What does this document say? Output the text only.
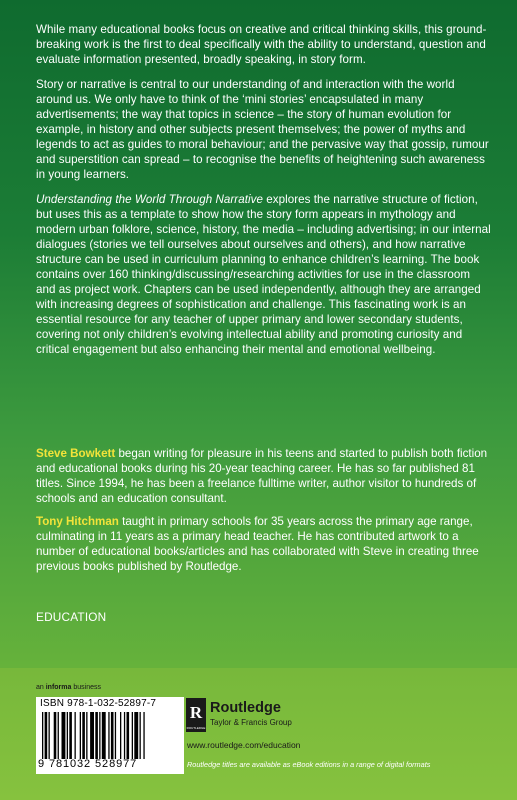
While many educational books focus on creative and critical thinking skills, this ground-breaking work is the first to deal specifically with the ability to understand, question and evaluate information presented, broadly speaking, in story form.

Story or narrative is central to our understanding of and interaction with the world around us. We only have to think of the ‘mini stories’ encapsulated in many advertisements; the way that topics in science – the story of human evolution for example, in history and other subjects present themselves; the power of myths and legends to act as guides to moral behaviour; and the pervasive way that gossip, rumour and superstition can spread – to recognise the benefits of heightening such awareness in young learners.

Understanding the World Through Narrative explores the narrative structure of fiction, but uses this as a template to show how the story form appears in mythology and modern urban folklore, science, history, the media – including advertising; in our internal dialogues (stories we tell ourselves about ourselves and others), and how narrative structure can be used in curriculum planning to enhance children’s learning. The book contains over 160 thinking/discussing/researching activities for use in the classroom and as project work. Chapters can be used independently, although they are arranged with increasing degrees of sophistication and challenge. This fascinating work is an essential resource for any teacher of upper primary and lower secondary students, covering not only children’s evolving intellectual ability and promoting curiosity and critical engagement but also enhancing their mental and emotional wellbeing.

Steve Bowkett began writing for pleasure in his teens and started to publish both fiction and educational books during his 20-year teaching career. He has so far published 81 titles. Since 1994, he has been a freelance fulltime writer, author visitor to hundreds of schools and an education consultant.

Tony Hitchman taught in primary schools for 35 years across the primary age range, culminating in 11 years as a primary head teacher. He has contributed artwork to a number of educational books/articles and has collaborated with Steve in creating three previous books published by Routledge.

EDUCATION
an informa business
ISBN 978-1-032-52897-7
9 781032 528977
R
ROUTLEDGE
Routledge
Taylor & Francis Group
www.routledge.com/education
Routledge titles are available as eBook editions in a range of digital formats
